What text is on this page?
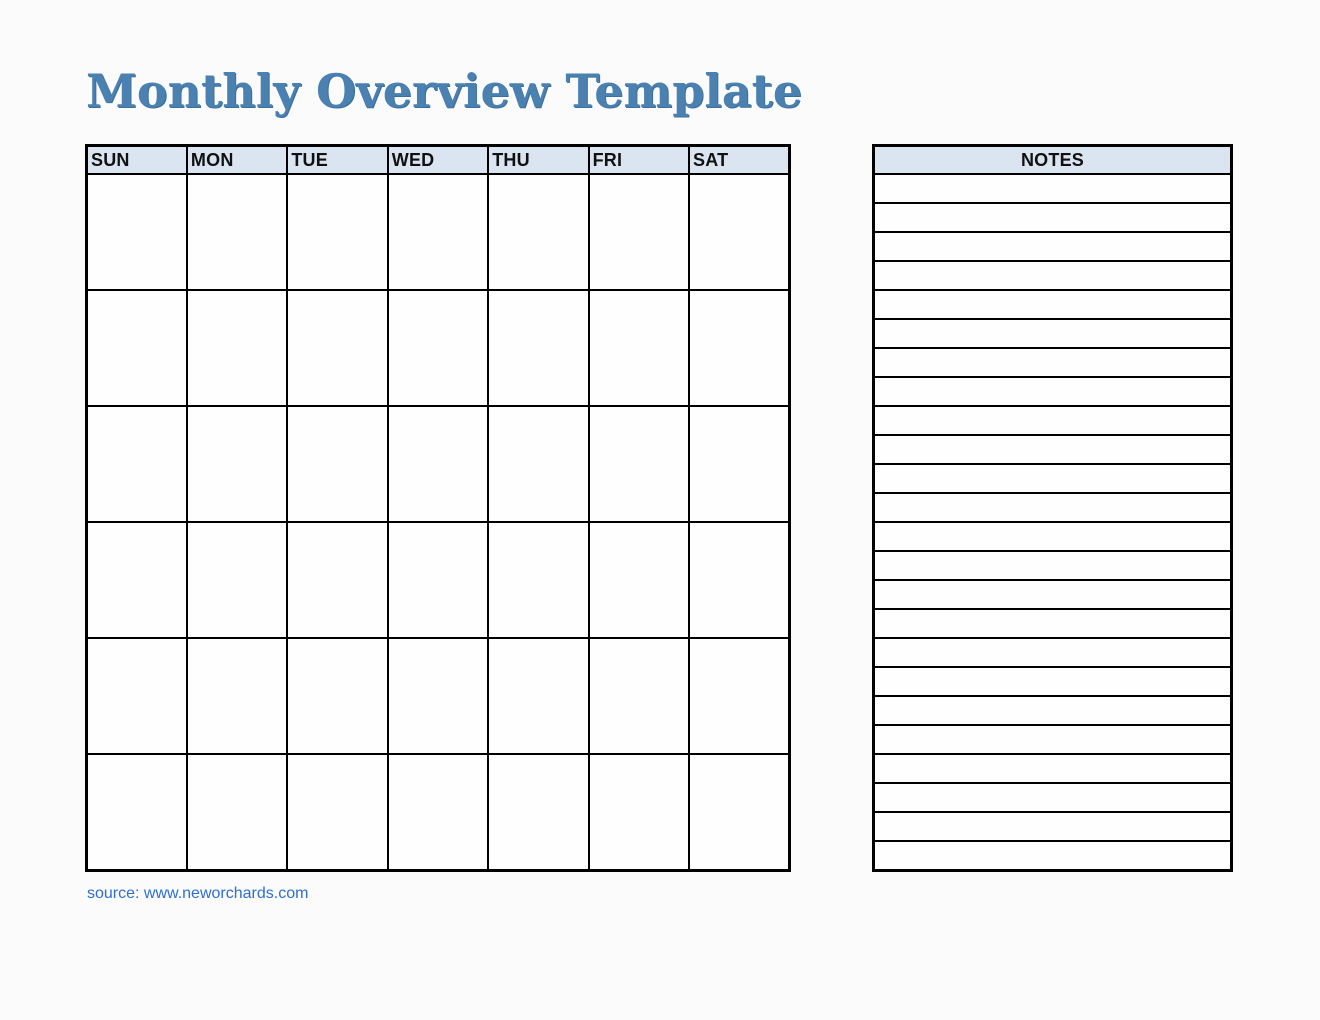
Monthly Overview Template
SUN	MON	TUE	WED	THU	FRI	SAT

							NOTES

source: www.neworchards.com
